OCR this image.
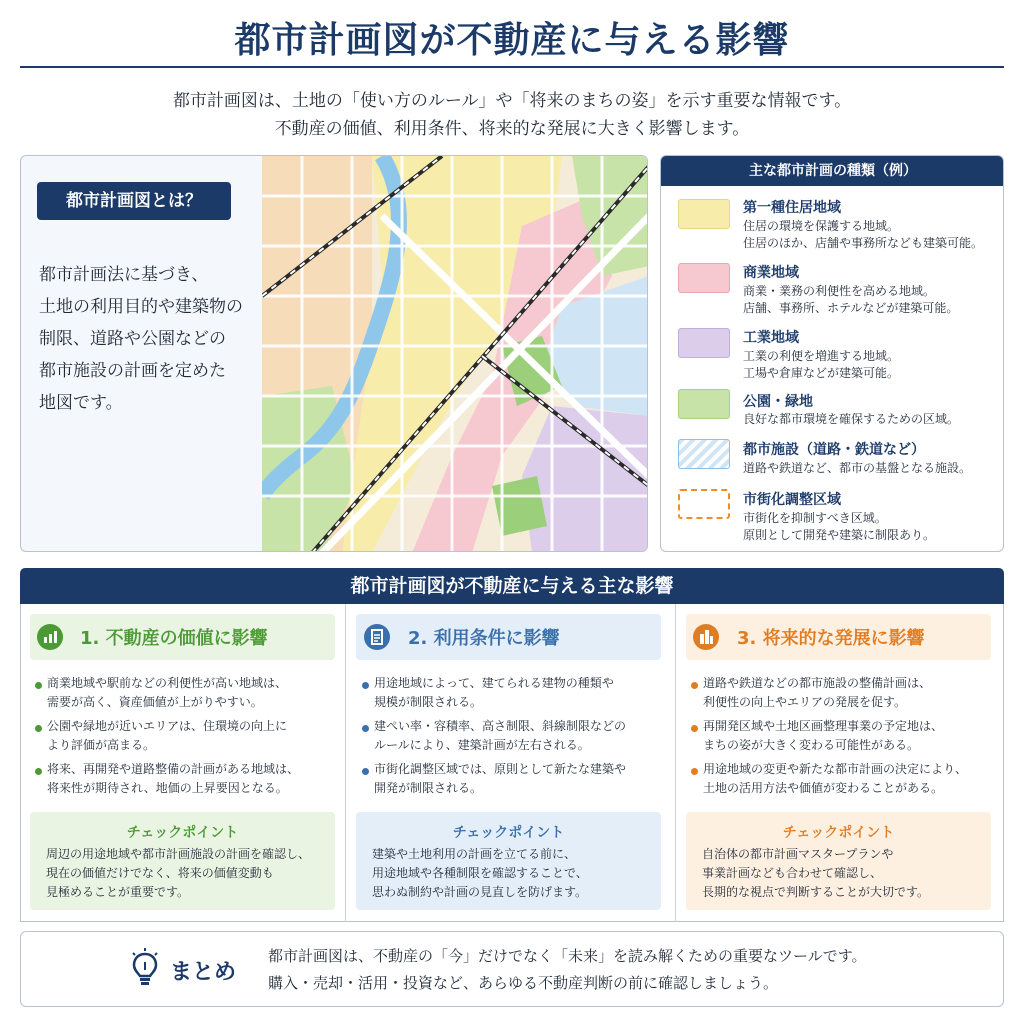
都市計画図が不動産に与える影響
都市計画図は、土地の「使い方のルール」や「将来のまちの姿」を示す重要な情報です。
不動産の価値、利用条件、将来的な発展に大きく影響します。
都市計画図とは？
都市計画法に基づき、
土地の利用目的や建築物の
制限、道路や公園などの
都市施設の計画を定めた
地図です。
主な都市計画の種類（例）
第一種住居地域
住居の環境を保護する地域。
住居のほか、店舗や事務所なども建築可能。
商業地域
商業・業務の利便性を高める地域。
店舗、事務所、ホテルなどが建築可能。
工業地域
工業の利便を増進する地域。
工場や倉庫などが建築可能。
公園・緑地
良好な都市環境を確保するための区域。
都市施設（道路・鉄道など）
道路や鉄道など、都市の基盤となる施設。
市街化調整区域
市街化を抑制すべき区域。
原則として開発や建築に制限あり。
都市計画図が不動産に与える主な影響
1. 不動産の価値に影響
商業地域や駅前などの利便性が高い地域は、
需要が高く、資産価値が上がりやすい。
公園や緑地が近いエリアは、住環境の向上に
より評価が高まる。
将来、再開発や道路整備の計画がある地域は、
将来性が期待され、地価の上昇要因となる。
チェックポイント
周辺の用途地域や都市計画施設の計画を確認し、
現在の価値だけでなく、将来の価値変動も
見極めることが重要です。
2. 利用条件に影響
用途地域によって、建てられる建物の種類や
規模が制限される。
建ぺい率・容積率、高さ制限、斜線制限などの
ルールにより、建築計画が左右される。
市街化調整区域では、原則として新たな建築や
開発が制限される。
チェックポイント
建築や土地利用の計画を立てる前に、
用途地域や各種制限を確認することで、
思わぬ制約や計画の見直しを防げます。
3. 将来的な発展に影響
道路や鉄道などの都市施設の整備計画は、
利便性の向上やエリアの発展を促す。
再開発区域や土地区画整理事業の予定地は、
まちの姿が大きく変わる可能性がある。
用途地域の変更や新たな都市計画の決定により、
土地の活用方法や価値が変わることがある。
チェックポイント
自治体の都市計画マスタープランや
事業計画なども合わせて確認し、
長期的な視点で判断することが大切です。
まとめ
都市計画図は、不動産の「今」だけでなく「未来」を読み解くための重要なツールです。
購入・売却・活用・投資など、あらゆる不動産判断の前に確認しましょう。
